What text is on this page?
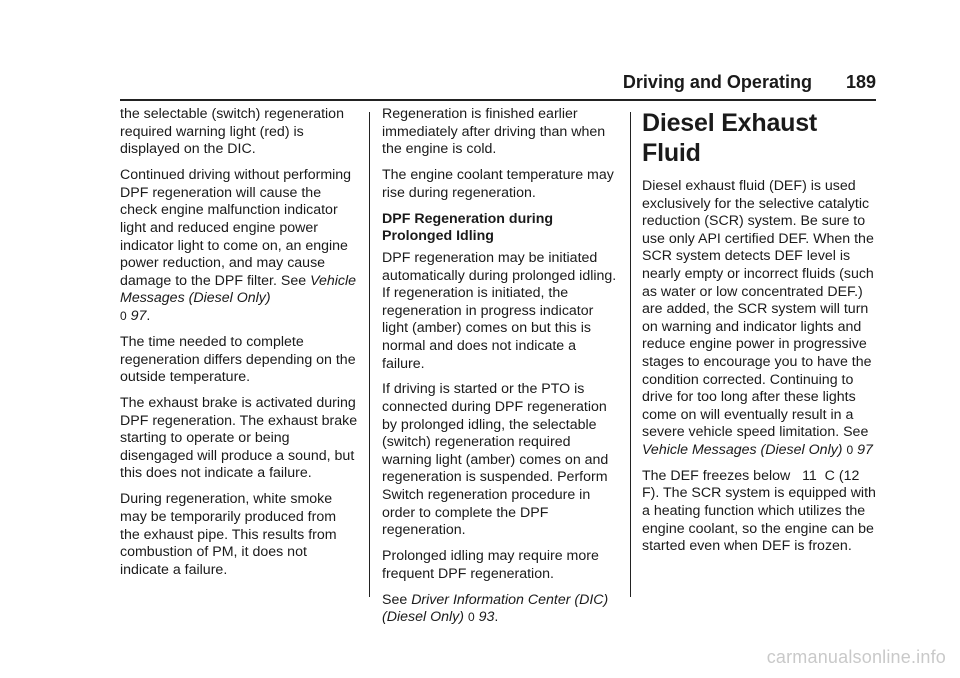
Driving and Operating 189

the selectable (switch) regeneration required warning light (red) is displayed on the DIC.

Continued driving without performing DPF regeneration will cause the check engine malfunction indicator light and reduced engine power indicator light to come on, an engine power reduction, and may cause damage to the DPF filter. See Vehicle Messages (Diesel Only)
0 97.

The time needed to complete regeneration differs depending on the outside temperature.

The exhaust brake is activated during DPF regeneration. The exhaust brake starting to operate or being disengaged will produce a sound, but this does not indicate a failure.

During regeneration, white smoke may be temporarily produced from the exhaust pipe. This results from combustion of PM, it does not indicate a failure.

Regeneration is finished earlier immediately after driving than when the engine is cold.

The engine coolant temperature may rise during regeneration.

DPF Regeneration during Prolonged Idling

DPF regeneration may be initiated automatically during prolonged idling. If regeneration is initiated, the regeneration in progress indicator light (amber) comes on but this is normal and does not indicate a failure.

If driving is started or the PTO is connected during DPF regeneration by prolonged idling, the selectable (switch) regeneration required warning light (amber) comes on and regeneration is suspended. Perform Switch regeneration procedure in order to complete the DPF regeneration.

Prolonged idling may require more frequent DPF regeneration.

See Driver Information Center (DIC) (Diesel Only) 0 93.

Diesel Exhaust Fluid

Diesel exhaust fluid (DEF) is used exclusively for the selective catalytic reduction (SCR) system. Be sure to use only API certified DEF. When the SCR system detects DEF level is nearly empty or incorrect fluids (such as water or low concentrated DEF.) are added, the SCR system will turn on warning and indicator lights and reduce engine power in progressive stages to encourage you to have the condition corrected. Continuing to drive for too long after these lights come on will eventually result in a severe vehicle speed limitation. See Vehicle Messages (Diesel Only) 0 97

The DEF freezes below   11  C (12 F). The SCR system is equipped with a heating function which utilizes the engine coolant, so the engine can be started even when DEF is frozen.

carmanualsonline.info
